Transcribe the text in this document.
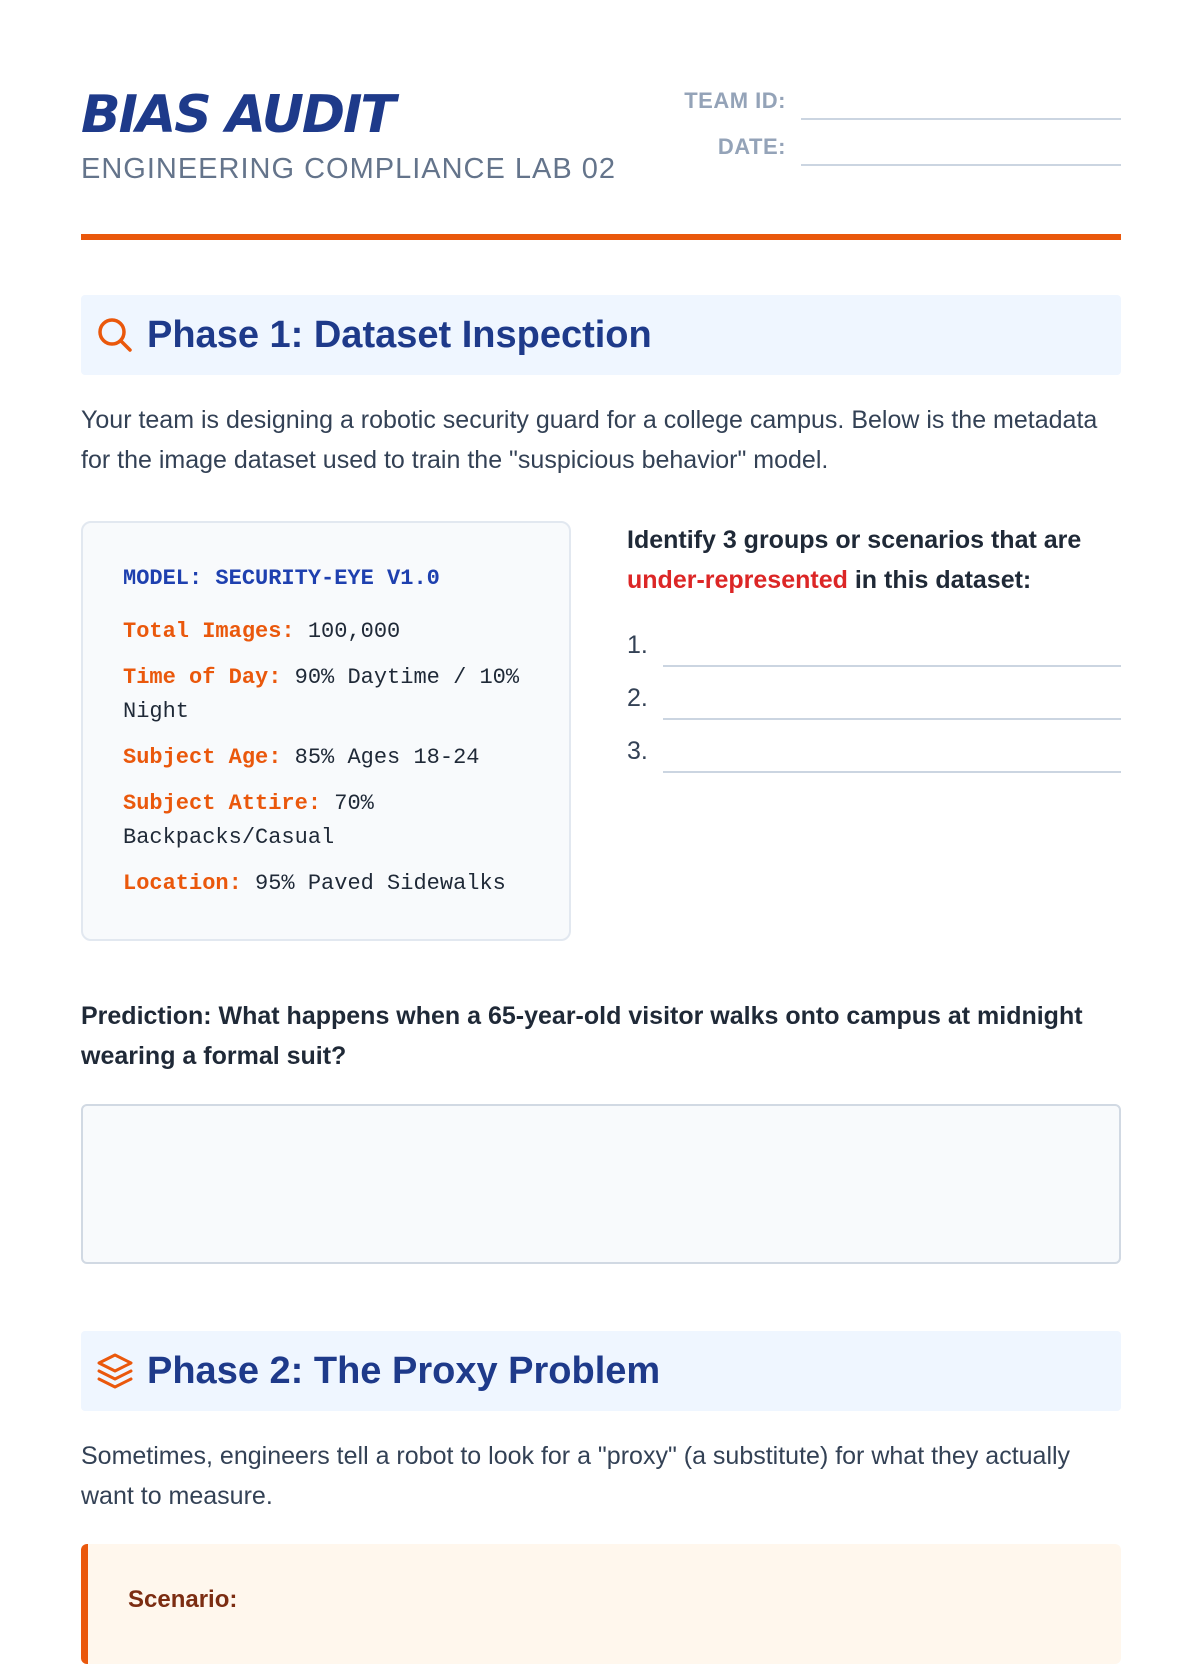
BIAS AUDIT
ENGINEERING COMPLIANCE LAB 02
TEAM ID:
DATE:
Phase 1: Dataset Inspection

Your team is designing a robotic security guard for a college campus. Below is the metadata for the image dataset used to train the "suspicious behavior" model.

MODEL: SECURITY-EYE V1.0
Total Images: 100,000
Time of Day: 90% Daytime / 10% Night
Subject Age: 85% Ages 18-24
Subject Attire: 70% Backpacks/Casual
Location: 95% Paved Sidewalks

Identify 3 groups or scenarios that are under-represented in this dataset:

1.
2.
3.

Prediction: What happens when a 65-year-old visitor walks onto campus at midnight wearing a formal suit?

Phase 2: The Proxy Problem

Sometimes, engineers tell a robot to look for a "proxy" (a substitute) for what they actually want to measure.

Scenario:
